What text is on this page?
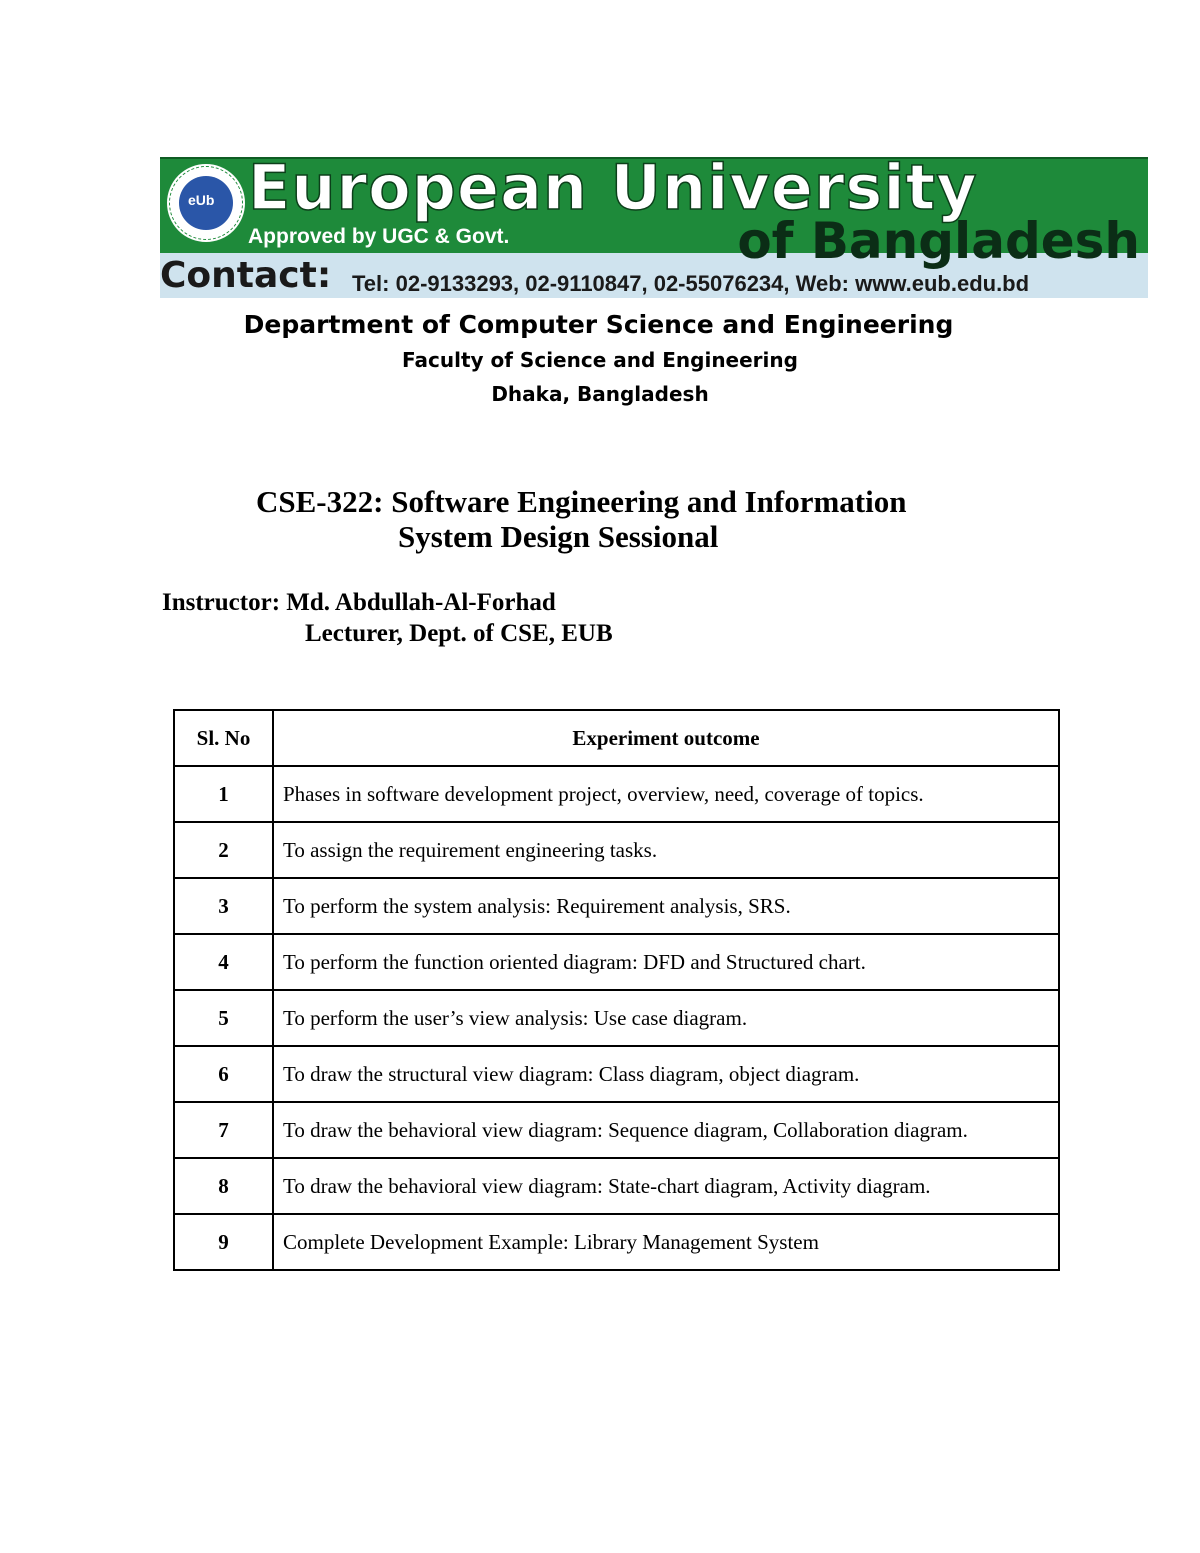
eUb European University
Approved by UGC & Govt.	of Bangladesh
Contact: Tel: 02-9133293, 02-9110847, 02-55076234, Web: www.eub.edu.bd
Department of Computer Science and Engineering
Faculty of Science and Engineering
Dhaka, Bangladesh
CSE-322: Software Engineering and Information
System Design Sessional
Instructor: Md. Abdullah-Al-Forhad
Lecturer, Dept. of CSE, EUB
Sl. No	Experiment outcome
1	Phases in software development project, overview, need, coverage of topics.
2	To assign the requirement engineering tasks.
3	To perform the system analysis: Requirement analysis, SRS.
4	To perform the function oriented diagram: DFD and Structured chart.
5	To perform the user’s view analysis: Use case diagram.
6	To draw the structural view diagram: Class diagram, object diagram.
7	To draw the behavioral view diagram: Sequence diagram, Collaboration diagram.
8	To draw the behavioral view diagram: State-chart diagram, Activity diagram.
9	Complete Development Example: Library Management System
